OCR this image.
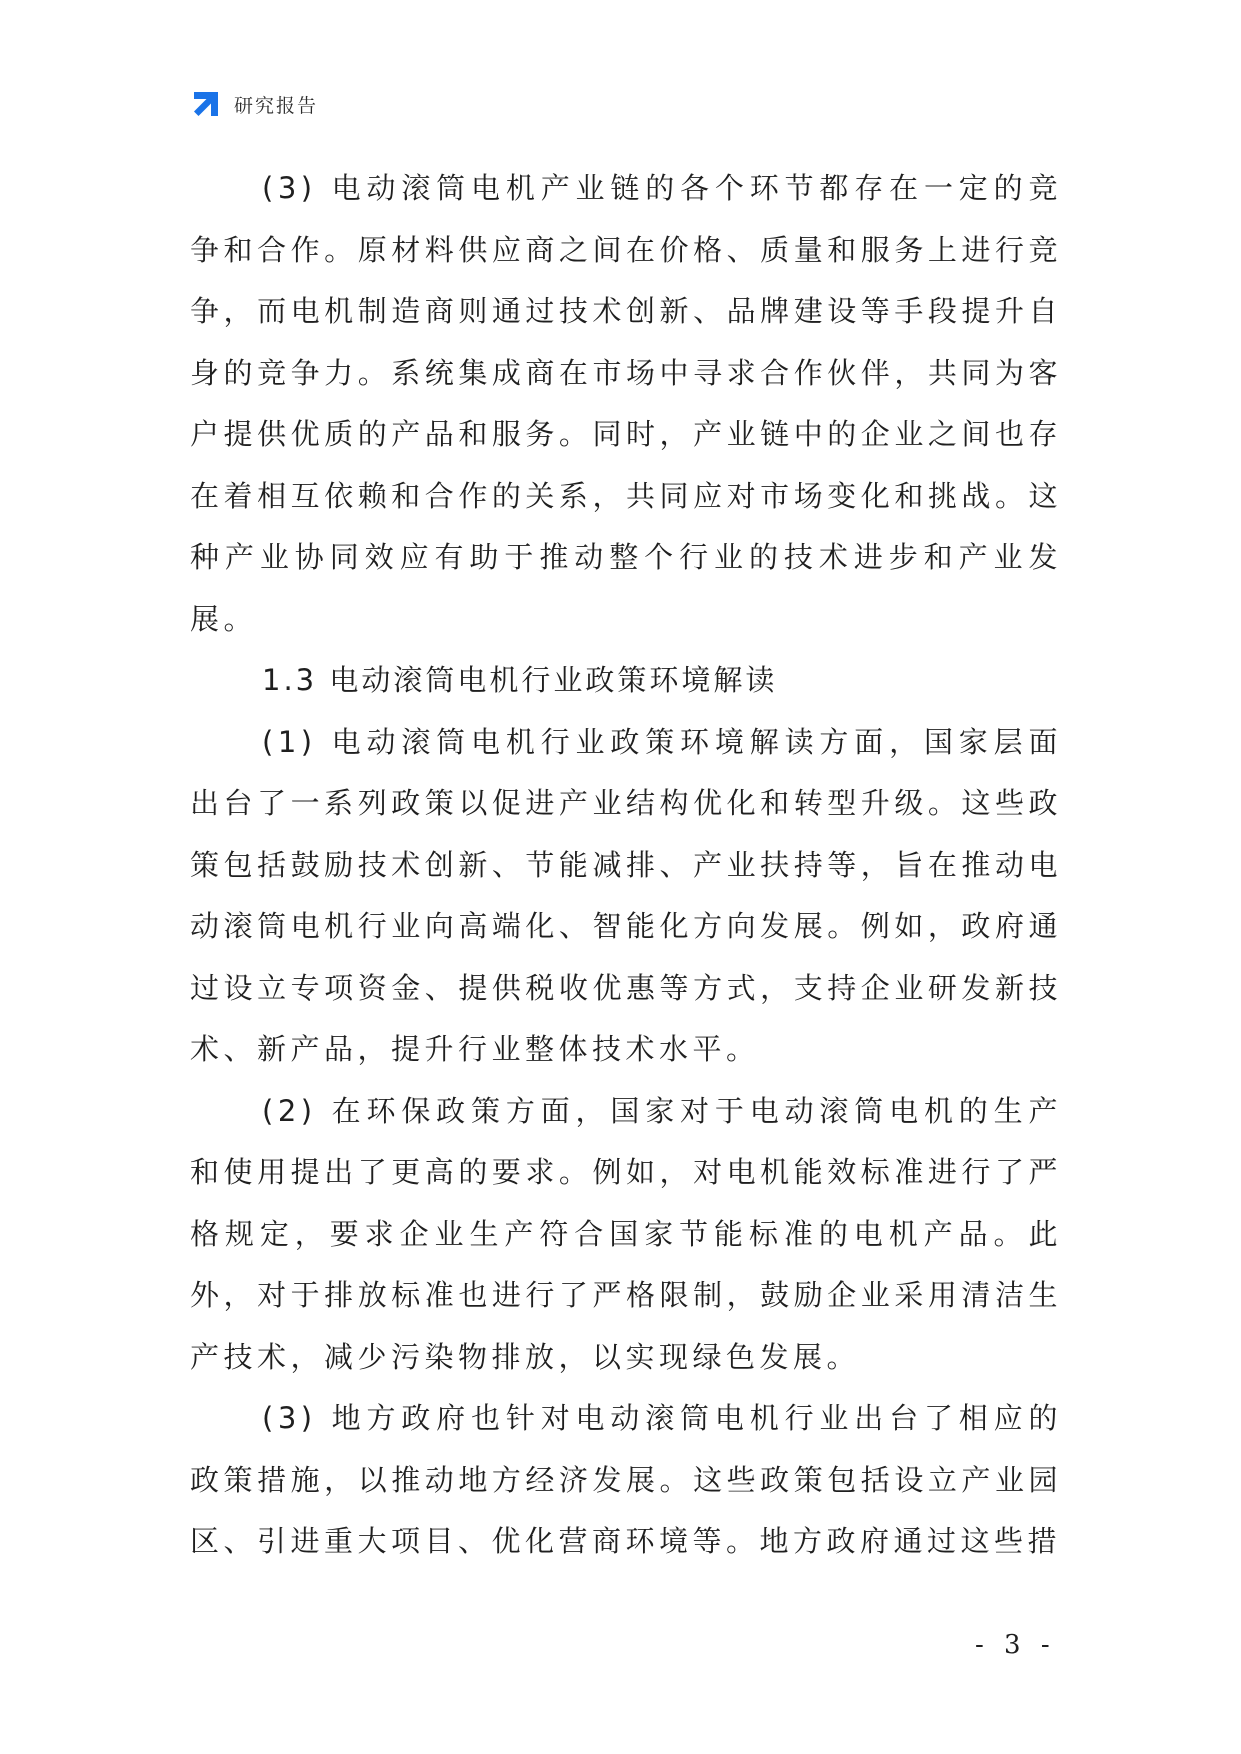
研究报告

(3) 电动滚筒电机产业链的各个环节都存在一定的竞争和合作。原材料供应商之间在价格、质量和服务上进行竞争，而电机制造商则通过技术创新、品牌建设等手段提升自身的竞争力。系统集成商在市场中寻求合作伙伴，共同为客户提供优质的产品和服务。同时，产业链中的企业之间也存在着相互依赖和合作的关系，共同应对市场变化和挑战。这种产业协同效应有助于推动整个行业的技术进步和产业发展。

1.3 电动滚筒电机行业政策环境解读

(1) 电动滚筒电机行业政策环境解读方面，国家层面出台了一系列政策以促进产业结构优化和转型升级。这些政策包括鼓励技术创新、节能减排、产业扶持等，旨在推动电动滚筒电机行业向高端化、智能化方向发展。例如，政府通过设立专项资金、提供税收优惠等方式，支持企业研发新技术、新产品，提升行业整体技术水平。

(2) 在环保政策方面，国家对于电动滚筒电机的生产和使用提出了更高的要求。例如，对电机能效标准进行了严格规定，要求企业生产符合国家节能标准的电机产品。此外，对于排放标准也进行了严格限制，鼓励企业采用清洁生产技术，减少污染物排放，以实现绿色发展。

(3) 地方政府也针对电动滚筒电机行业出台了相应的政策措施，以推动地方经济发展。这些政策包括设立产业园区、引进重大项目、优化营商环境等。地方政府通过这些措

- 3 -
